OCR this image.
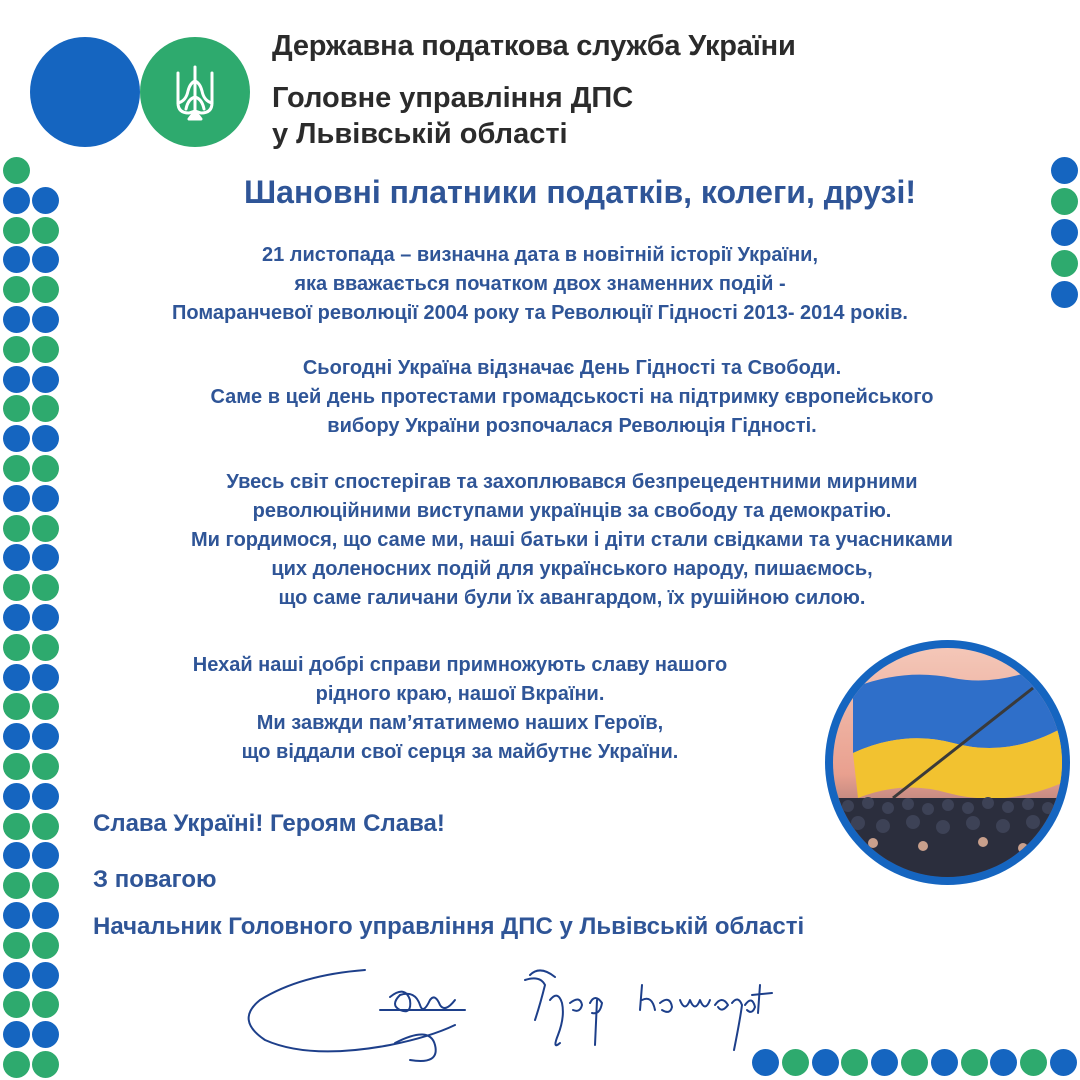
Державна податкова служба України
Головне управління ДПС
у Львівській області
Шановні платники податків, колеги, друзі!
21 листопада – визначна дата в новітній історії України,
яка вважається початком двох знаменних подій -
Помаранчевої революції 2004 року та Революції Гідності 2013- 2014 років.
Сьогодні Україна відзначає День Гідності та Свободи.
Саме в цей день протестами громадськості на підтримку європейського
вибору України розпочалася Революція Гідності.
Увесь світ спостерігав та захоплювався безпрецедентними мирними
революційними виступами українців за свободу та демократію.
Ми гордимося, що саме ми, наші батьки і діти стали свідками та учасниками
цих доленосних подій для українського народу, пишаємось,
що саме галичани були їх авангардом, їх рушійною силою.
Нехай наші добрі справи примножують славу нашого
рідного краю, нашої Вкраїни.
Ми завжди пам’ятатимемо наших Героїв,
що віддали свої серця за майбутнє України.
Слава Україні! Героям Слава!
З повагою
Начальник Головного управління ДПС у Львівській області
